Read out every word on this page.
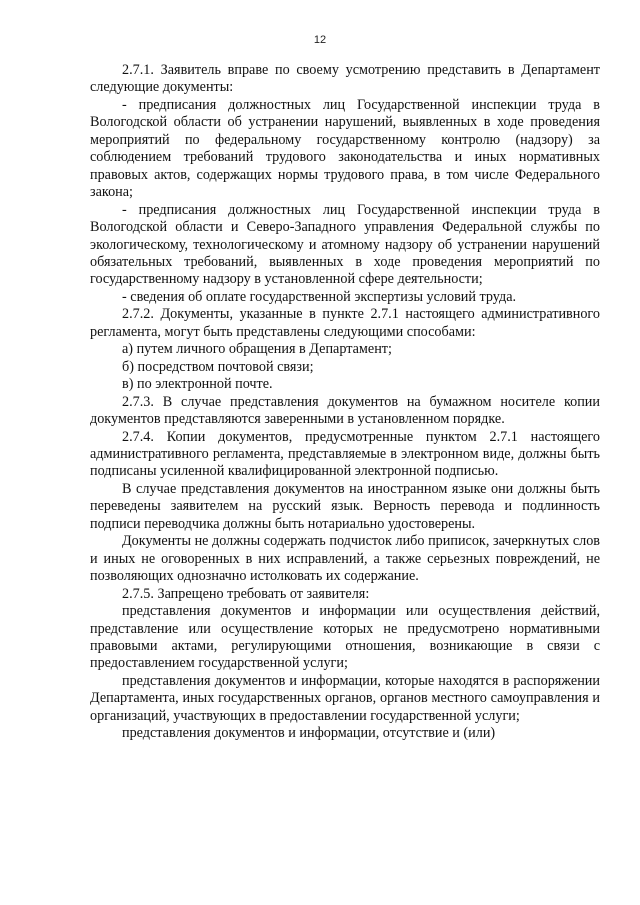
12

2.7.1. Заявитель вправе по своему усмотрению представить в Департамент следующие документы:

- предписания должностных лиц Государственной инспекции труда в Вологодской области об устранении нарушений, выявленных в ходе проведения мероприятий по федеральному государственному контролю (надзору) за соблюдением требований трудового законодательства и иных нормативных правовых актов, содержащих нормы трудового права, в том числе Федерального закона;

- предписания должностных лиц Государственной инспекции труда в Вологодской области и Северо-Западного управления Федеральной службы по экологическому, технологическому и атомному надзору об устранении нарушений обязательных требований, выявленных в ходе проведения мероприятий по государственному надзору в установленной сфере деятельности;

- сведения об оплате государственной экспертизы условий труда.

2.7.2. Документы, указанные в пункте 2.7.1 настоящего административного регламента, могут быть представлены следующими способами:

а) путем личного обращения в Департамент;

б) посредством почтовой связи;

в) по электронной почте.

2.7.3. В случае представления документов на бумажном носителе копии документов представляются заверенными в установленном порядке.

2.7.4. Копии документов, предусмотренные пунктом 2.7.1 настоящего административного регламента, представляемые в электронном виде, должны быть подписаны усиленной квалифицированной электронной подписью.

В случае представления документов на иностранном языке они должны быть переведены заявителем на русский язык. Верность перевода и подлинность подписи переводчика должны быть нотариально удостоверены.

Документы не должны содержать подчисток либо приписок, зачеркнутых слов и иных не оговоренных в них исправлений, а также серьезных повреждений, не позволяющих однозначно истолковать их содержание.

2.7.5. Запрещено требовать от заявителя:

представления документов и информации или осуществления действий, представление или осуществление которых не предусмотрено нормативными правовыми актами, регулирующими отношения, возникающие в связи с предоставлением государственной услуги;

представления документов и информации, которые находятся в распоряжении Департамента, иных государственных органов, органов местного самоуправления и организаций, участвующих в предоставлении государственной услуги;

представления документов и информации, отсутствие и (или)
